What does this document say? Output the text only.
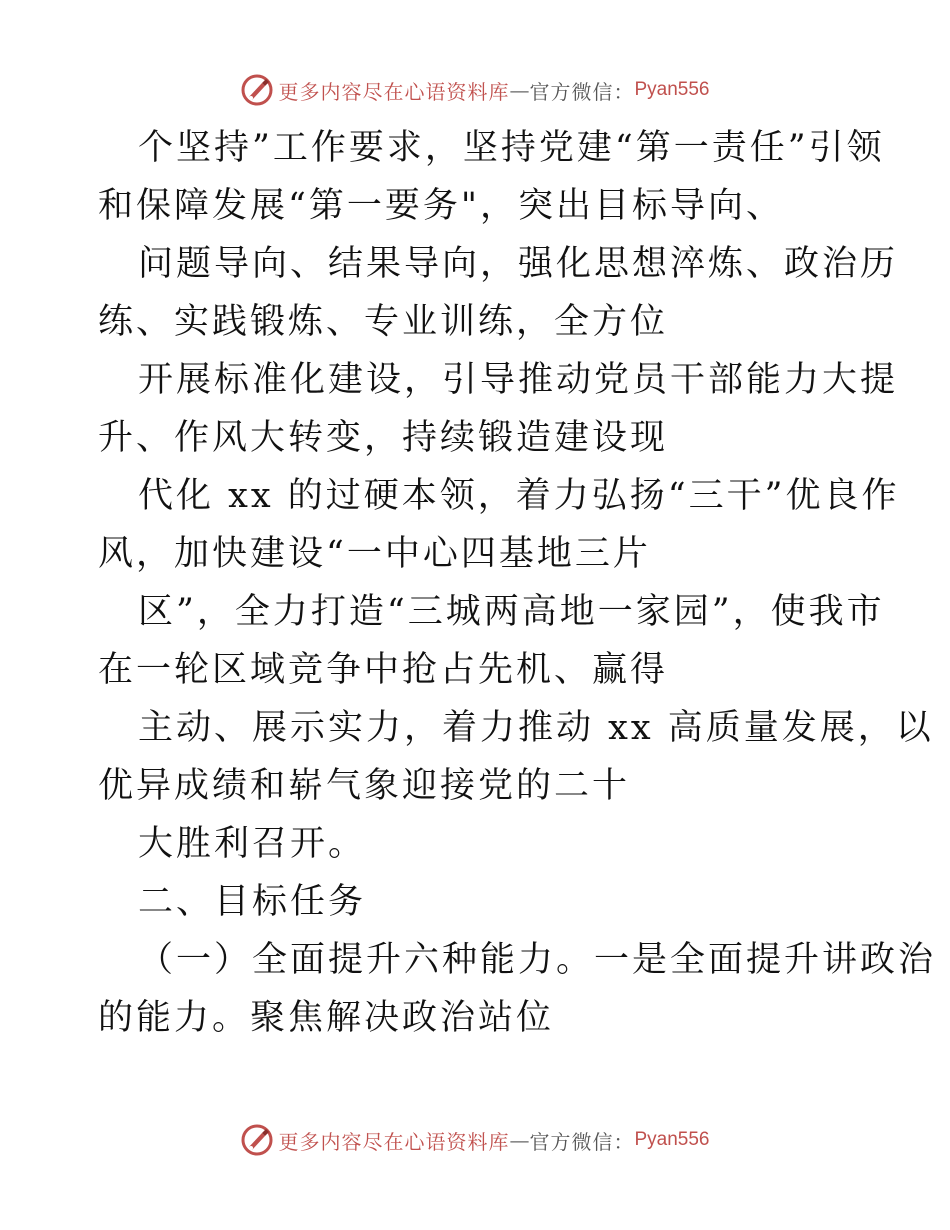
更多内容尽在心语资料库 — 官方微信： Pyan556
个坚持”工作要求，坚持党建“第一责任”引领
和保障发展“第一要务"，突出目标导向、
问题导向、结果导向，强化思想淬炼、政治历
练、实践锻炼、专业训练，全方位
开展标准化建设，引导推动党员干部能力大提
升、作风大转变，持续锻造建设现
代化 xx 的过硬本领，着力弘扬“三干”优良作
风，加快建设“一中心四基地三片
区”，全力打造“三城两高地一家园”，使我市
在一轮区域竞争中抢占先机、赢得
主动、展示实力，着力推动 xx 高质量发展，以
优异成绩和崭气象迎接党的二十
大胜利召开。
二、目标任务
（一）全面提升六种能力。一是全面提升讲政治
的能力。聚焦解决政治站位
更多内容尽在心语资料库 — 官方微信： Pyan556
